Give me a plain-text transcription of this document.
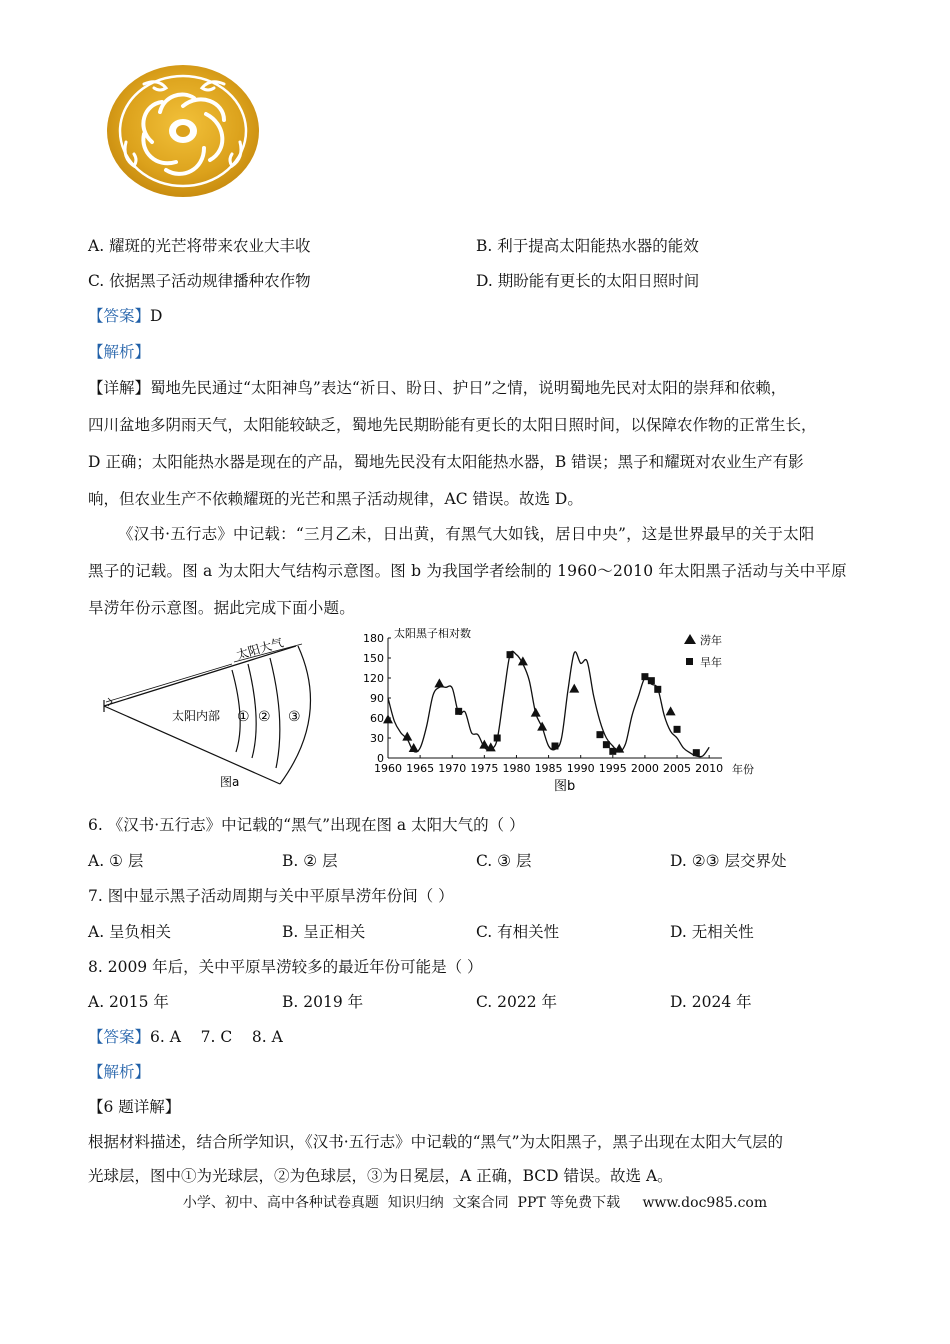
A. 耀斑的光芒将带来农业大丰收	B. 利于提高太阳能热水器的能效
C. 依据黑子活动规律播种农作物	D. 期盼能有更长的太阳日照时间
【答案】D
【解析】
【详解】蜀地先民通过“太阳神鸟”表达“祈日、盼日、护日”之情，说明蜀地先民对太阳的崇拜和依赖，
四川盆地多阴雨天气，太阳能较缺乏，蜀地先民期盼能有更长的太阳日照时间，以保障农作物的正常生长，
D 正确；太阳能热水器是现在的产品，蜀地先民没有太阳能热水器，B 错误；黑子和耀斑对农业生产有影
响，但农业生产不依赖耀斑的光芒和黑子活动规律，AC 错误。故选 D。
《汉书·五行志》中记载：“三月乙未，日出黄，有黑气大如钱，居日中央”，这是世界最早的关于太阳
黑子的记载。图 a 为太阳大气结构示意图。图 b 为我国学者绘制的 1960～2010 年太阳黑子活动与关中平原
旱涝年份示意图。据此完成下面小题。
太阳大气
太阳内部 ① ② ③
图a
1960 1965 1970 1975 1980 1985 1990 1995 2000 2005 2010
0
30
60
90
120
150
180 太阳黑子相对数
年份
涝年
旱年
图b
6. 《汉书·五行志》中记载的“黑气”出现在图 a 太阳大气的（ ）
A. ① 层	B. ② 层	C. ③ 层	D. ②③ 层交界处
7. 图中显示黑子活动周期与关中平原旱涝年份间（ ）
A. 呈负相关	B. 呈正相关	C. 有相关性	D. 无相关性
8. 2009 年后，关中平原旱涝较多的最近年份可能是（ ）
A. 2015 年	B. 2019 年	C. 2022 年	D. 2024 年
【答案】6. A    7. C    8. A
【解析】
【6 题详解】
根据材料描述，结合所学知识，《汉书·五行志》中记载的“黑气”为太阳黑子，黑子出现在太阳大气层的
光球层，图中①为光球层，②为色球层，③为日冕层，A 正确，BCD 错误。故选 A。
小学、初中、高中各种试卷真题  知识归纳  文案合同  PPT 等免费下载     www.doc985.com
